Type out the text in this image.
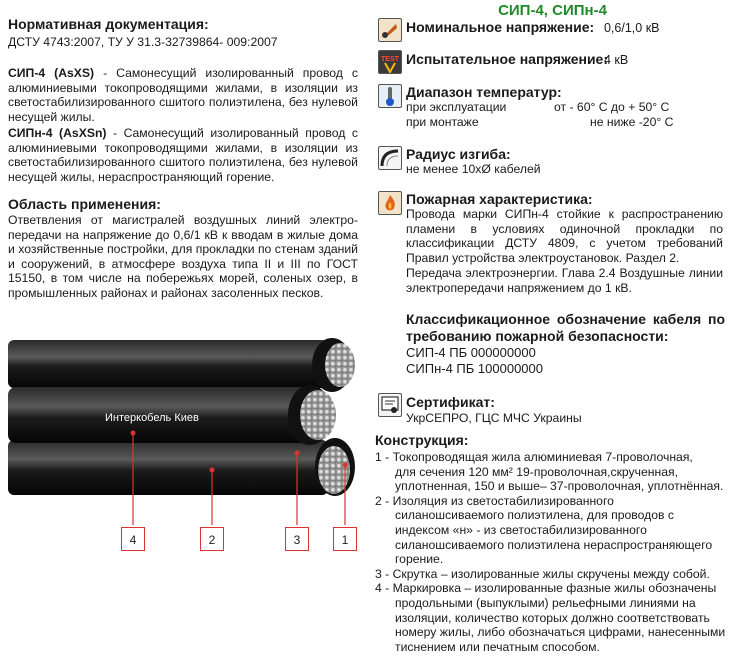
СИП-4, СИПн-4
Нормативная документация:
ДСТУ 4743:2007, ТУ У 31.3-32739864- 009:2007
СИП-4 (AsXS) - Самонесущий изолированный провод с алюминиевыми токопроводящими жилами, в изоляции из светостабилизированного сшитого полиэтилена, без нулевой несущей жилы.
СИПн-4 (AsXSn) - Самонесущий изолированный провод с алюминиевыми токопроводящими жилами, в изоляции из светостабилизированного сшитого полиэтилена, без нулевой несущей жилы, нераспространяющий горение.
Область применения:
Ответвления от магистралей воздушных линий электро-передачи на напряжение до 0,6/1 кВ к вводам в жилые дома и хозяйственные постройки, для прокладки по стенам зданий и сооружений, в атмосфере воздуха типа II и III по ГОСТ 15150, в том числе на побережьях морей, соленых озер, в промышленных районах и районах засоленных песков.
Интеркобель Киев
4	2	3	1
Номинальное напряжение: 0,6/1,0 кВ
TEST Испытательное напряжение:
4 кВ
Диапазон температур:
при эксплуатации	от - 60° С до + 50° С
при монтаже	не ниже -20° С
Радиус изгиба:
не менее 10хØ кабелей
Пожарная характеристика:
Провода марки СИПн-4 стойкие к распространению пламени в условиях одиночной прокладки по классификации ДСТУ 4809, с учетом требований Правил устройства электроустановок. Раздел 2.
Передача электроэнергии. Глава 2.4 Воздушные линии электропередачи напряжением до 1 кВ.
Классификационное обозначение кабеля по требованию пожарной безопасности:
СИП-4 ПБ 000000000
СИПн-4 ПБ 100000000
Сертификат:
УкрСЕПРО, ГЦС МЧС Украины
Конструкция:
1 - Токопроводящая жила алюминиевая 7-проволочная,
для сечения 120 мм² 19-проволочная,скрученная, уплотненная, 150 и выше– 37-проволочная, уплотнённая.
2 - Изоляция из светостабилизированного
силаношсиваемого полиэтилена, для проводов с индексом «н» - из светостабилизированного силаношсиваемого полиэтилена нераспространяющего горение.
3 - Скрутка – изолированные жилы скручены между собой.
4 - Маркировка – изолированные фазные жилы обозначены
продольными (выпуклыми) рельефными линиями на изоляции, количество которых должно соответствовать номеру жилы, либо обозначаться цифрами, нанесенными тиснением или печатным способом.
